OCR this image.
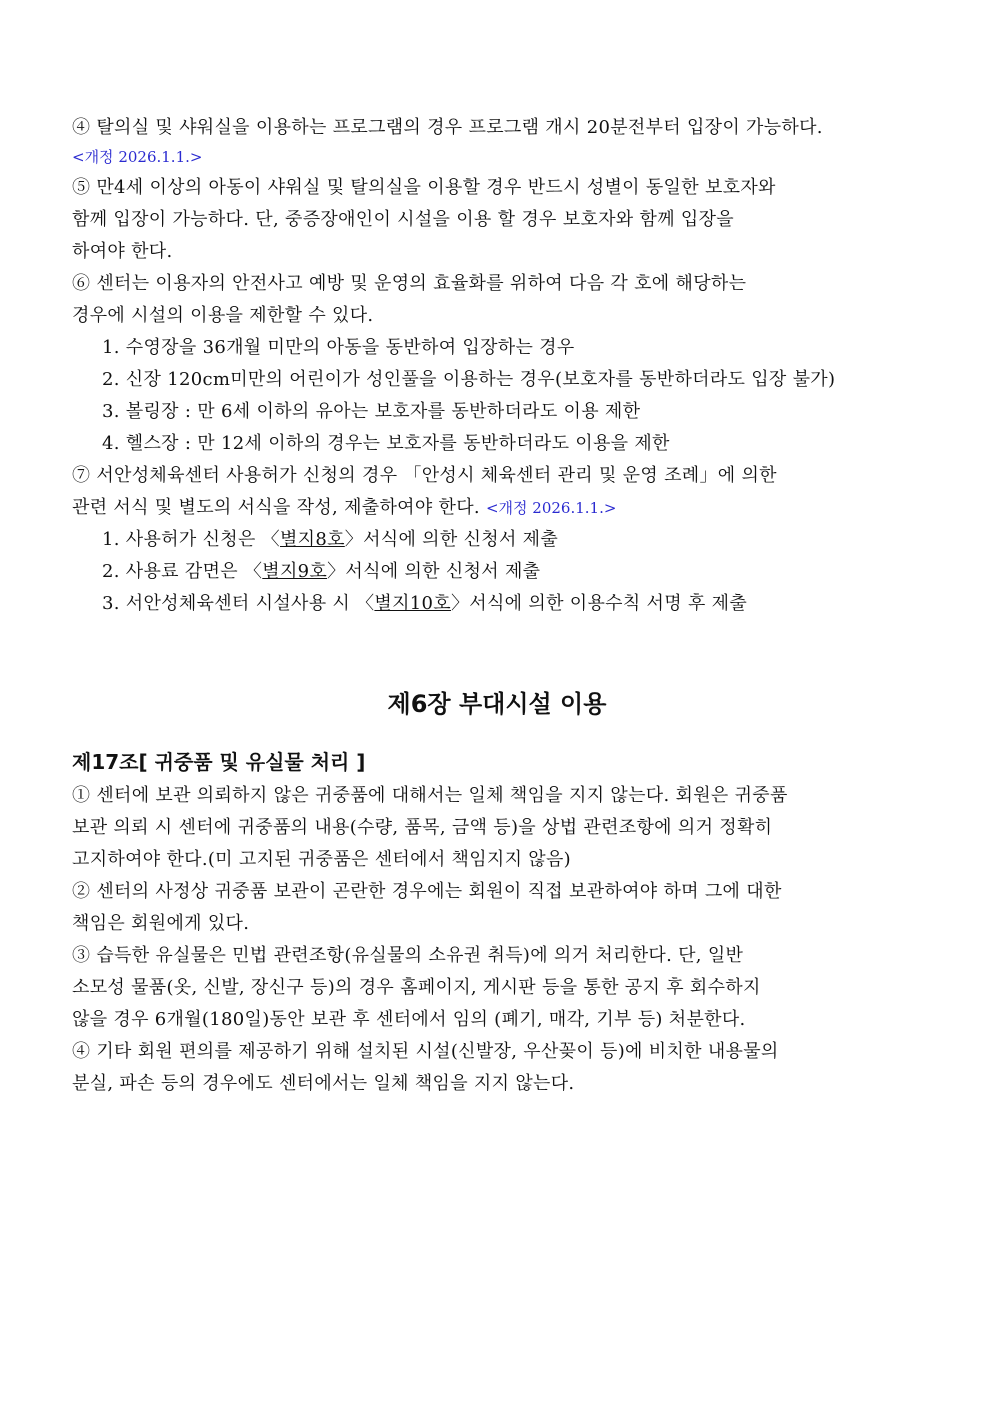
④ 탈의실 및 샤워실을 이용하는 프로그램의 경우 프로그램 개시 20분전부터 입장이 가능하다.
<개정 2026.1.1.>
⑤ 만4세 이상의 아동이 샤워실 및 탈의실을 이용할 경우 반드시 성별이 동일한 보호자와
함께 입장이 가능하다. 단, 중증장애인이 시설을 이용 할 경우 보호자와 함께 입장을
하여야 한다.
⑥ 센터는 이용자의 안전사고 예방 및 운영의 효율화를 위하여 다음 각 호에 해당하는
경우에 시설의 이용을 제한할 수 있다.
1. 수영장을 36개월 미만의 아동을 동반하여 입장하는 경우
2. 신장 120cm미만의 어린이가 성인풀을 이용하는 경우(보호자를 동반하더라도 입장 불가)
3. 볼링장 : 만 6세 이하의 유아는 보호자를 동반하더라도 이용 제한
4. 헬스장 : 만 12세 이하의 경우는 보호자를 동반하더라도 이용을 제한
⑦ 서안성체육센터 사용허가 신청의 경우 「안성시 체육센터 관리 및 운영 조례」에 의한
관련 서식 및 별도의 서식을 작성, 제출하여야 한다. <개정 2026.1.1.>
1. 사용허가 신청은 〈별지8호〉서식에 의한 신청서 제출
2. 사용료 감면은 〈별지9호〉서식에 의한 신청서 제출
3. 서안성체육센터 시설사용 시 〈별지10호〉서식에 의한 이용수칙 서명 후 제출
제6장 부대시설 이용
제17조[ 귀중품 및 유실물 처리 ]
① 센터에 보관 의뢰하지 않은 귀중품에 대해서는 일체 책임을 지지 않는다. 회원은 귀중품
보관 의뢰 시 센터에 귀중품의 내용(수량, 품목, 금액 등)을 상법 관련조항에 의거 정확히
고지하여야 한다.(미 고지된 귀중품은 센터에서 책임지지 않음)
② 센터의 사정상 귀중품 보관이 곤란한 경우에는 회원이 직접 보관하여야 하며 그에 대한
책임은 회원에게 있다.
③ 습득한 유실물은 민법 관련조항(유실물의 소유권 취득)에 의거 처리한다. 단, 일반
소모성 물품(옷, 신발, 장신구 등)의 경우 홈페이지, 게시판 등을 통한 공지 후 회수하지
않을 경우 6개월(180일)동안 보관 후 센터에서 임의 (폐기, 매각, 기부 등) 처분한다.
④ 기타 회원 편의를 제공하기 위해 설치된 시설(신발장, 우산꽂이 등)에 비치한 내용물의
분실, 파손 등의 경우에도 센터에서는 일체 책임을 지지 않는다.
